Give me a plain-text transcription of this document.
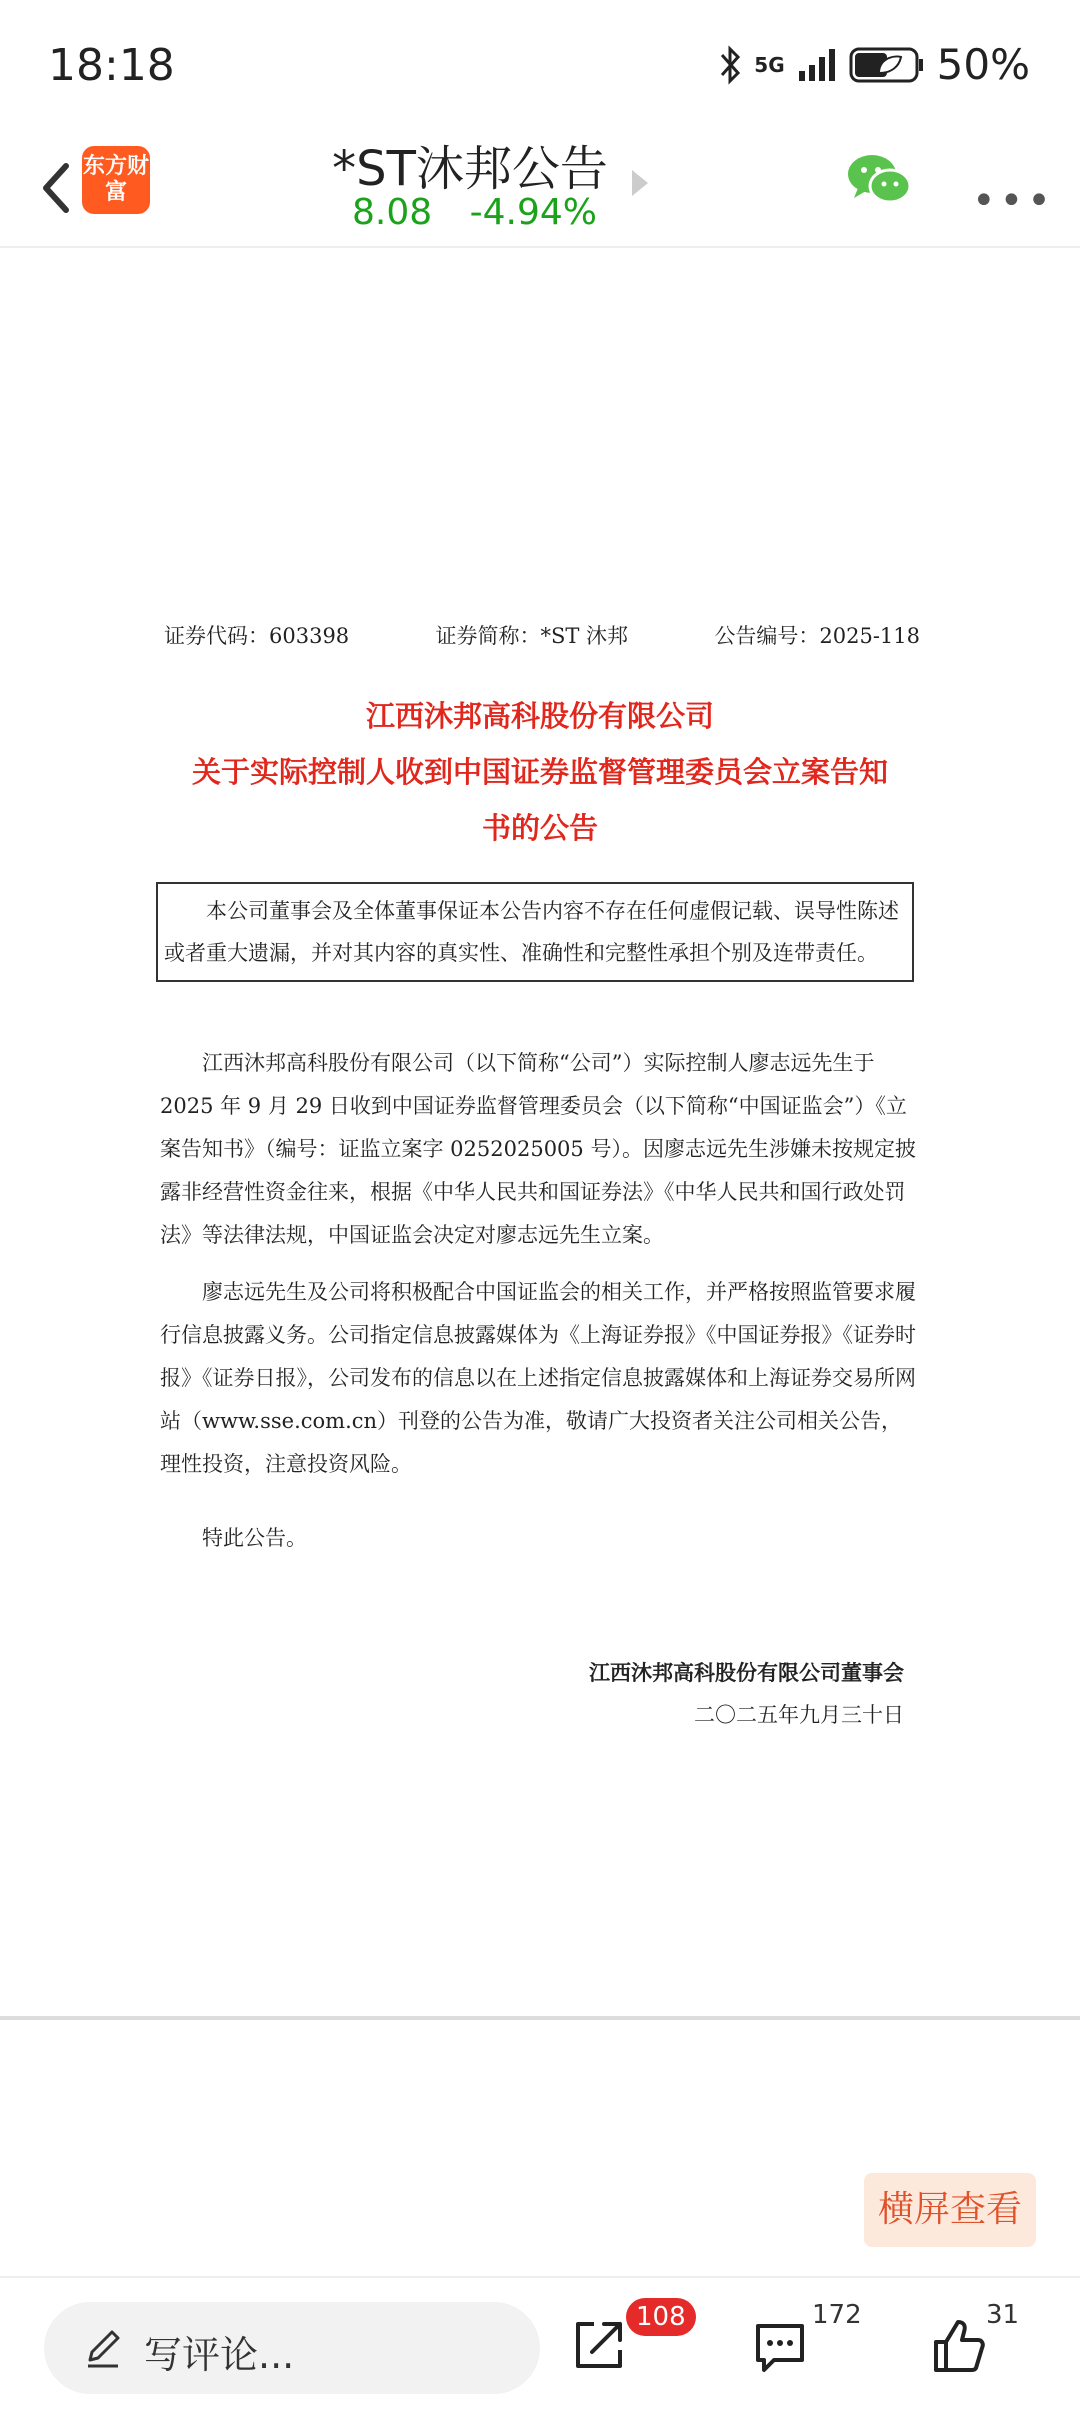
18:18	5G	50%
东方财富	*ST沐邦公告
8.08 -4.94%	•••
证券代码：603398	证券简称：*ST 沐邦	公告编号：2025-118
江西沐邦高科股份有限公司
关于实际控制人收到中国证券监督管理委员会立案告知
书的公告

本公司董事会及全体董事保证本公告内容不存在任何虚假记载、误导性陈述或者重大遗漏，并对其内容的真实性、准确性和完整性承担个别及连带责任。

江西沐邦高科股份有限公司（以下简称“公司”）实际控制人廖志远先生于 2025 年 9 月 29 日收到中国证券监督管理委员会（以下简称“中国证监会”）《立案告知书》（编号：证监立案字 0252025005 号）。因廖志远先生涉嫌未按规定披露非经营性资金往来，根据《中华人民共和国证券法》《中华人民共和国行政处罚法》等法律法规，中国证监会决定对廖志远先生立案。

廖志远先生及公司将积极配合中国证监会的相关工作，并严格按照监管要求履行信息披露义务。公司指定信息披露媒体为《上海证券报》《中国证券报》《证券时报》《证券日报》，公司发布的信息以在上述指定信息披露媒体和上海证券交易所网站（www.sse.com.cn）刊登的公告为准，敬请广大投资者关注公司相关公告，理性投资，注意投资风险。

特此公告。
江西沐邦高科股份有限公司董事会
二〇二五年九月三十日
横屏查看
写评论...
108	172	31
